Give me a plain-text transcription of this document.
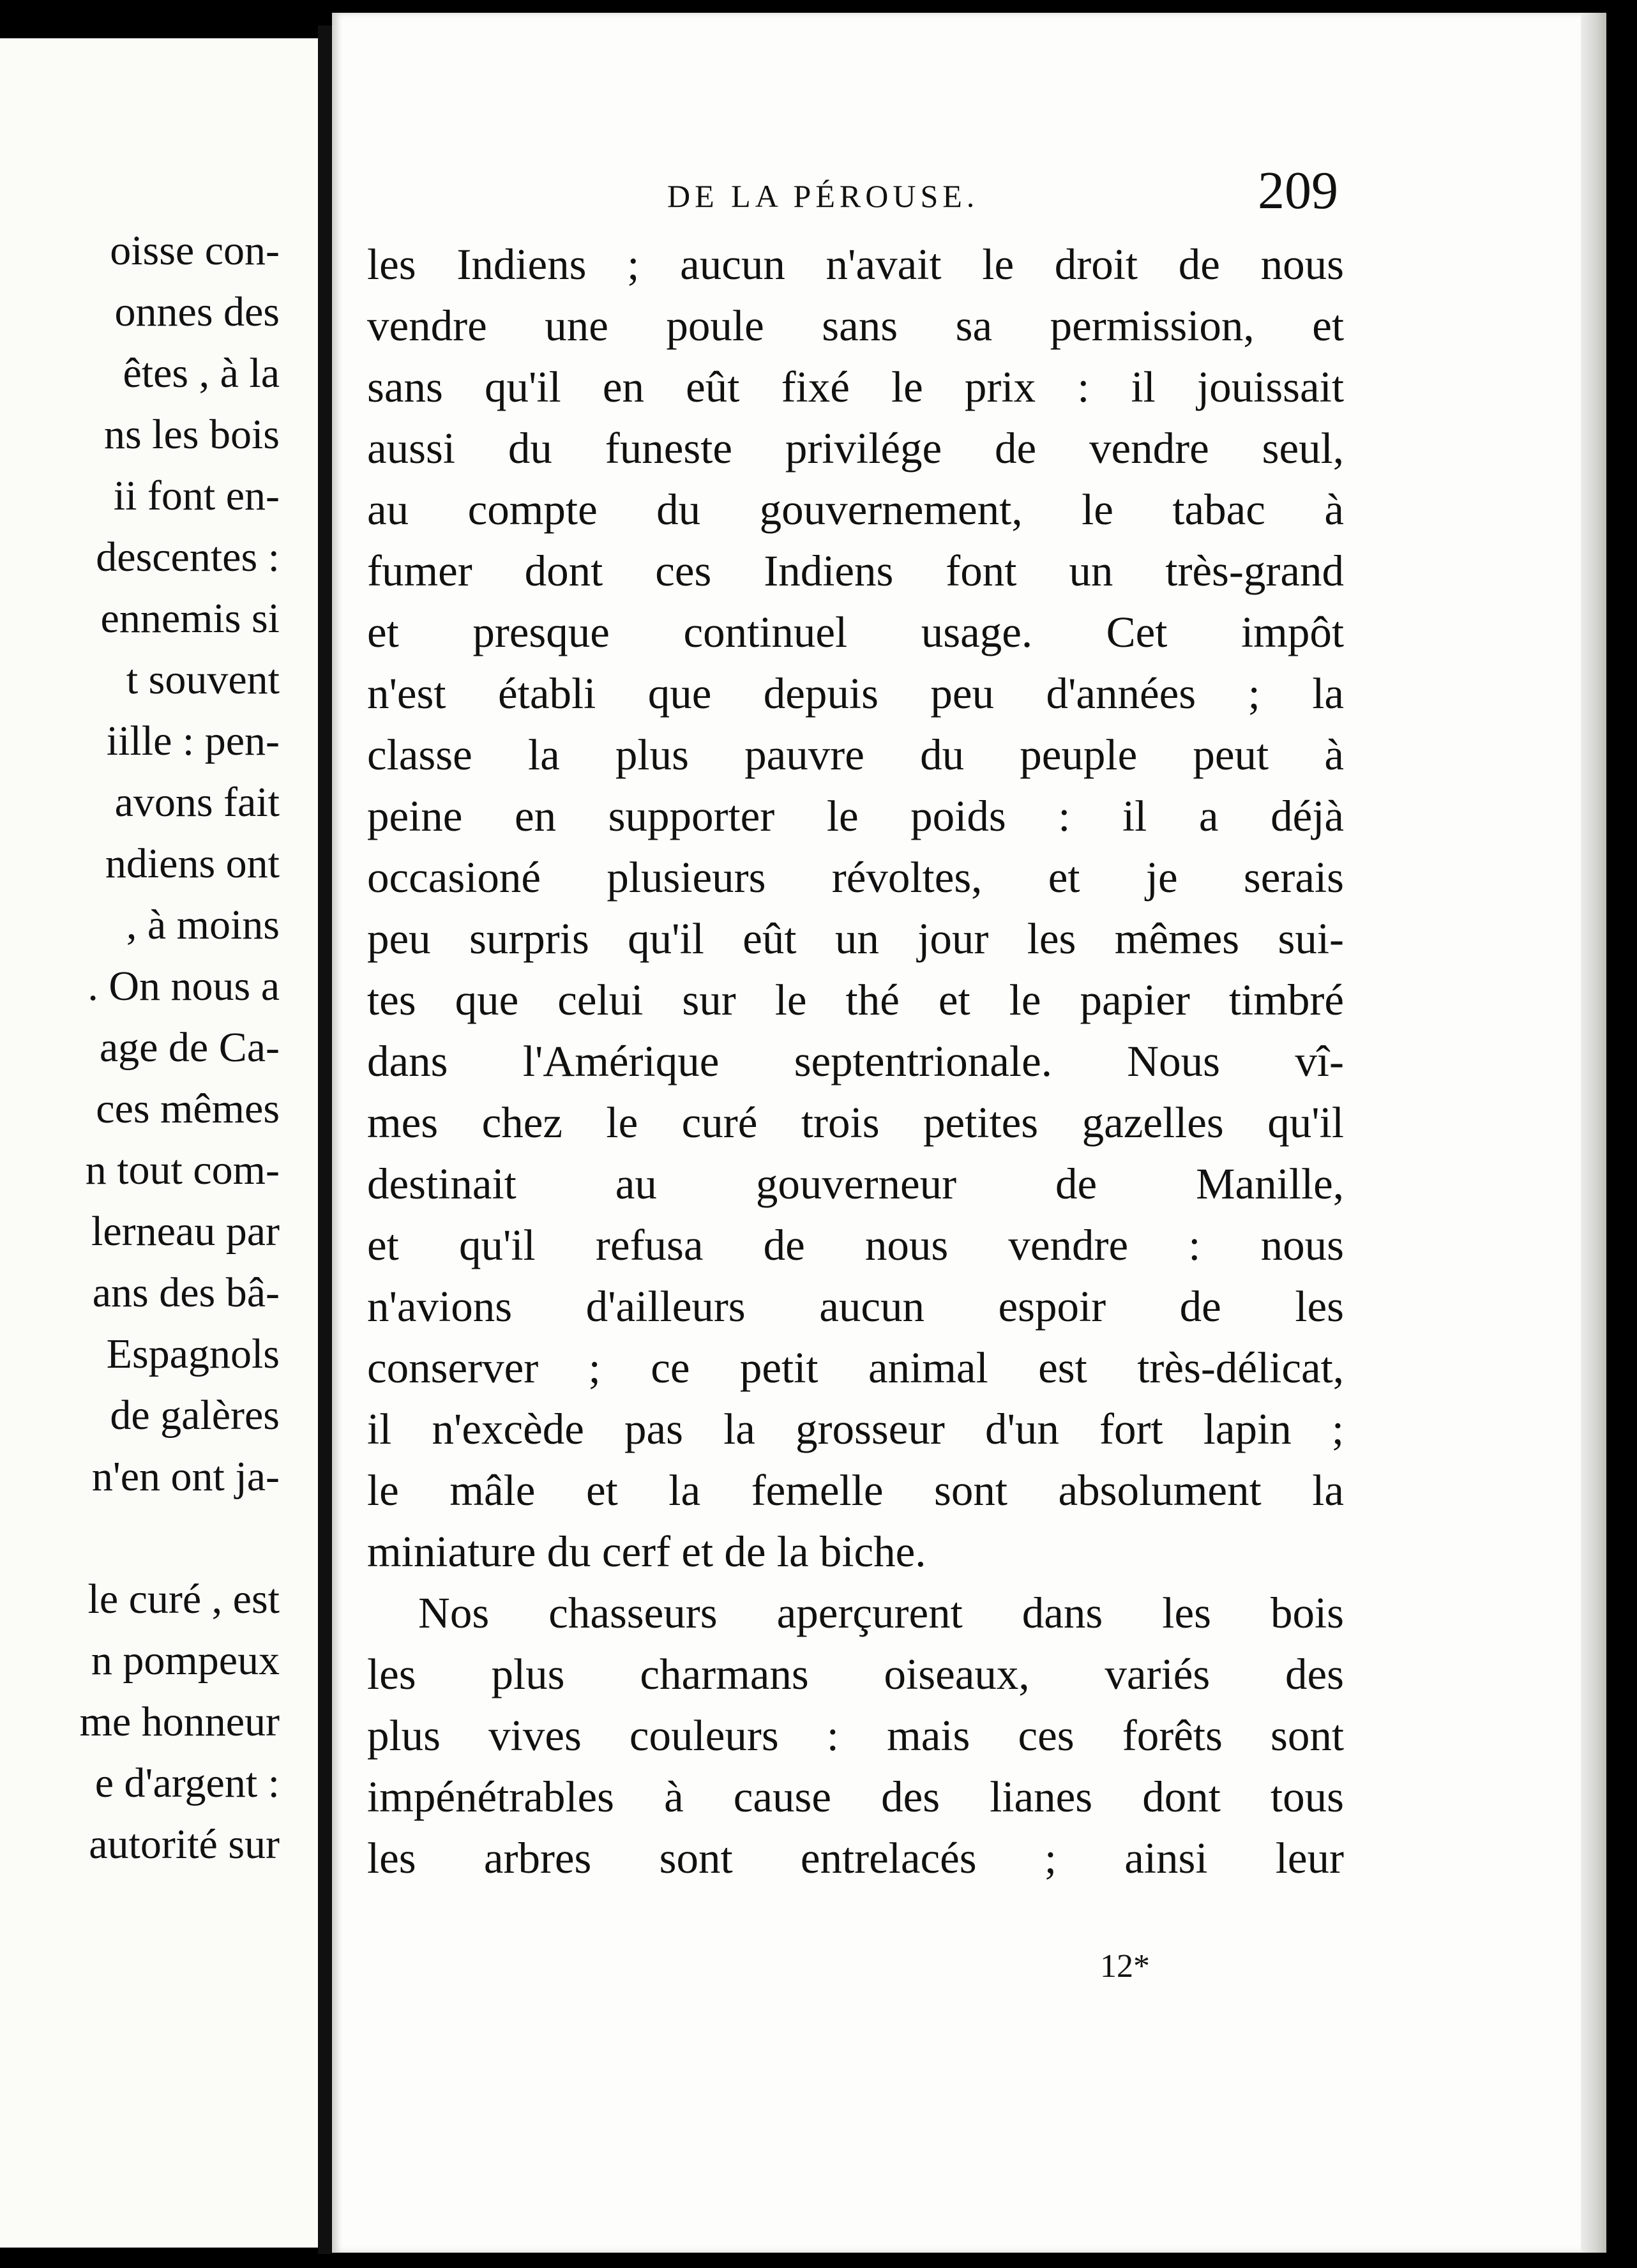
oisse con-
onnes des
êtes , à la
ns les bois
ii font en-
descentes :
ennemis si
t souvent
iille : pen-
avons fait
ndiens ont
, à moins
. On nous a
age de Ca-
ces mêmes
n tout com-
lerneau par
ans des bâ-
Espagnols
de galères
n'en ont ja-
le curé , est
n pompeux
me honneur
e d'argent :
autorité sur
DE LA PÉROUSE.	209
les Indiens ; aucun n'avait le droit de nous
vendre une poule sans sa permission, et
sans qu'il en eût fixé le prix : il jouissait
aussi du funeste privilége de vendre seul,
au compte du gouvernement, le tabac à
fumer dont ces Indiens font un très-grand
et presque continuel usage. Cet impôt
n'est établi que depuis peu d'années ; la
classe la plus pauvre du peuple peut à
peine en supporter le poids : il a déjà
occasioné plusieurs révoltes, et je serais
peu surpris qu'il eût un jour les mêmes sui-
tes que celui sur le thé et le papier timbré
dans l'Amérique septentrionale. Nous vî-
mes chez le curé trois petites gazelles qu'il
destinait au gouverneur de Manille,
et qu'il refusa de nous vendre : nous
n'avions d'ailleurs aucun espoir de les
conserver ; ce petit animal est très-délicat,
il n'excède pas la grosseur d'un fort lapin ;
le mâle et la femelle sont absolument la
miniature du cerf et de la biche.
Nos chasseurs aperçurent dans les bois
les plus charmans oiseaux, variés des
plus vives couleurs : mais ces forêts sont
impénétrables à cause des lianes dont tous
les arbres sont entrelacés ; ainsi leur
12*
